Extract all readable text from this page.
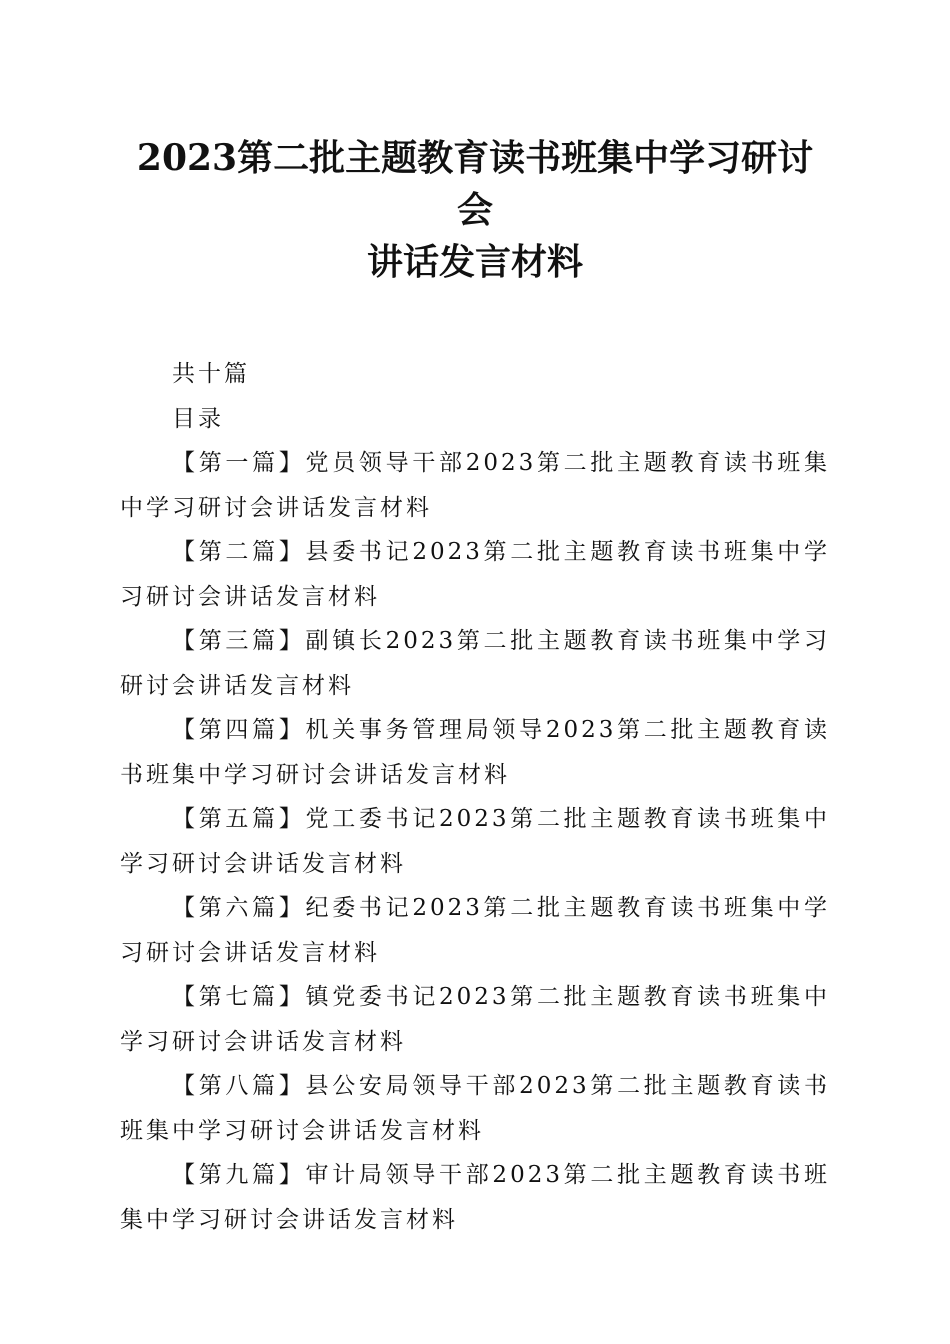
2023第二批主题教育读书班集中学习研讨会
讲话发言材料

共十篇

目录

【第一篇】党员领导干部2023第二批主题教育读书班集中学习研讨会讲话发言材料

【第二篇】县委书记2023第二批主题教育读书班集中学习研讨会讲话发言材料

【第三篇】副镇长2023第二批主题教育读书班集中学习研讨会讲话发言材料

【第四篇】机关事务管理局领导2023第二批主题教育读书班集中学习研讨会讲话发言材料

【第五篇】党工委书记2023第二批主题教育读书班集中学习研讨会讲话发言材料

【第六篇】纪委书记2023第二批主题教育读书班集中学习研讨会讲话发言材料

【第七篇】镇党委书记2023第二批主题教育读书班集中学习研讨会讲话发言材料

【第八篇】县公安局领导干部2023第二批主题教育读书班集中学习研讨会讲话发言材料

【第九篇】审计局领导干部2023第二批主题教育读书班集中学习研讨会讲话发言材料
